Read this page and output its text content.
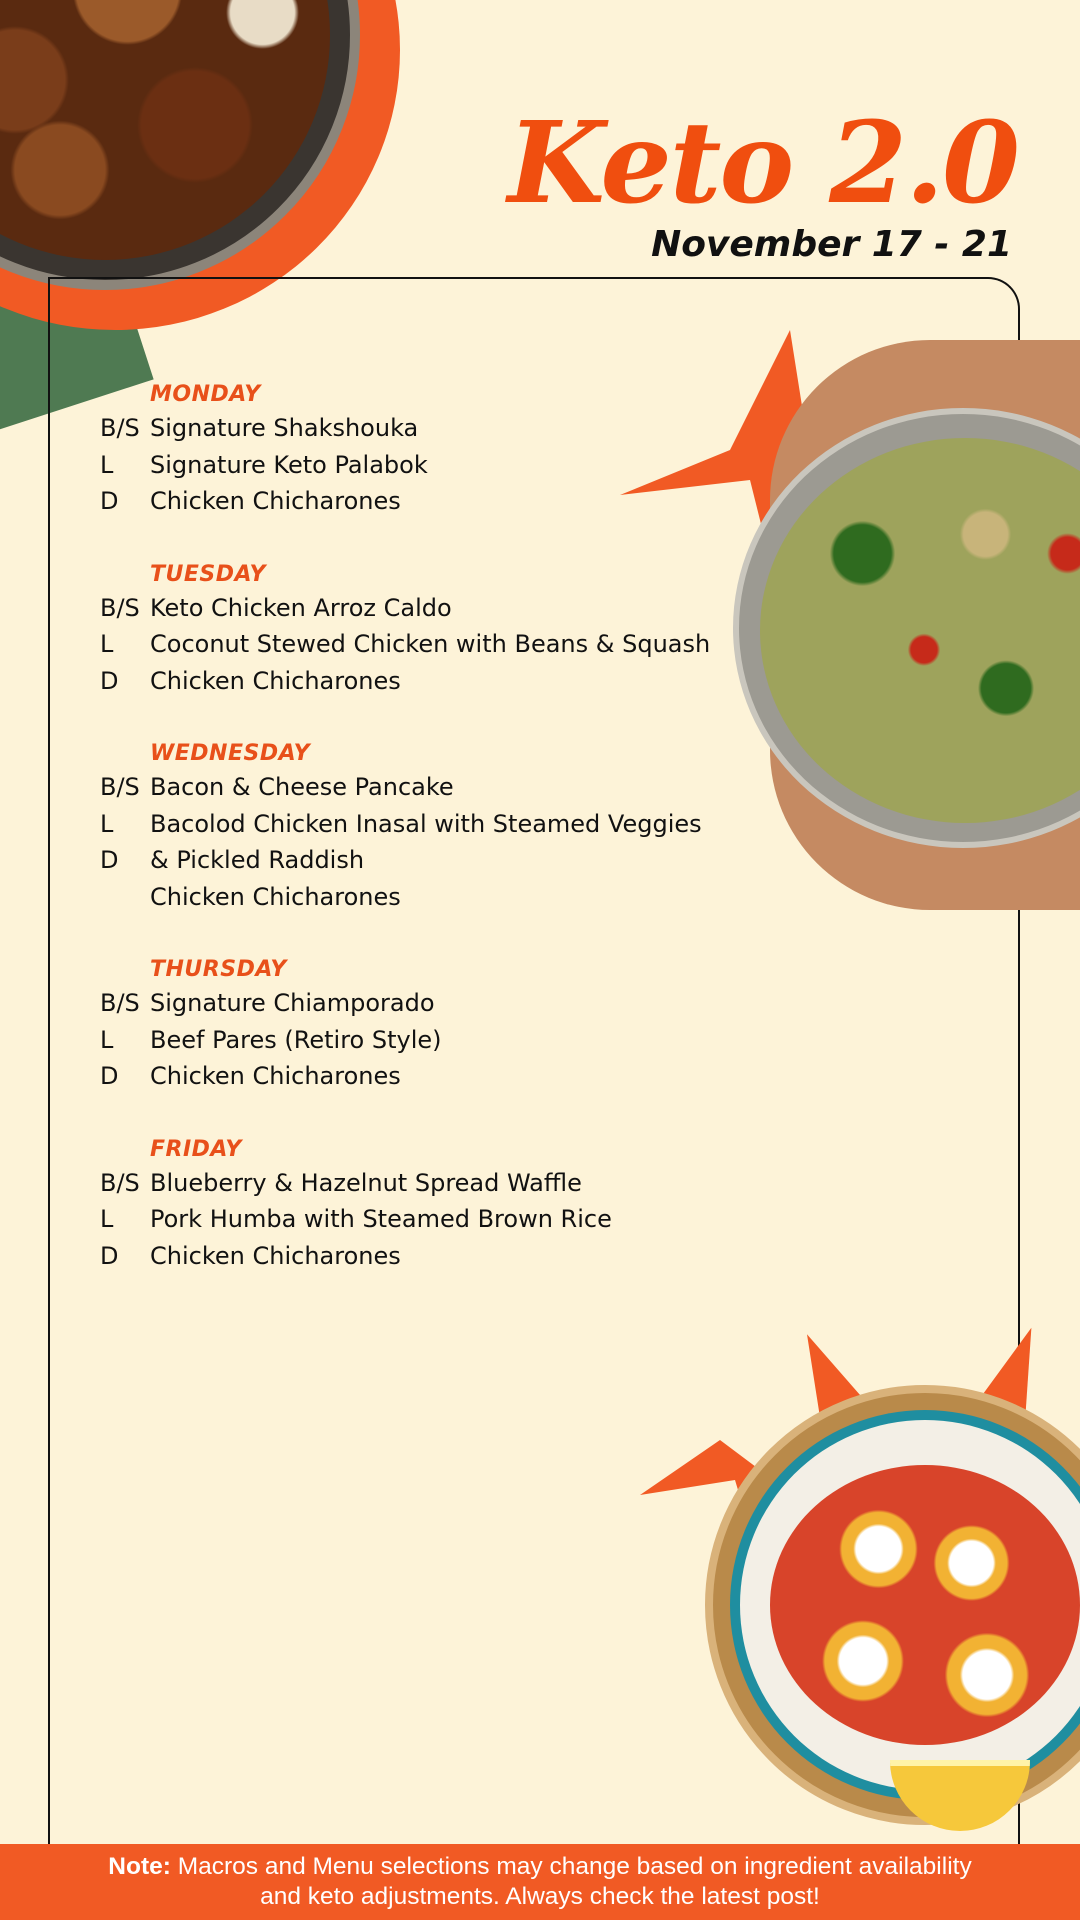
Keto 2.0
November 17 - 21
MONDAY
B/S Signature Shakshouka
L	Signature Keto Palabok
D	Chicken Chicharones
TUESDAY
B/S Keto Chicken Arroz Caldo
L	Coconut Stewed Chicken with Beans & Squash
D	Chicken Chicharones
WEDNESDAY
B/S Bacon & Cheese Pancake
L	Bacolod Chicken Inasal with Steamed Veggies
D	& Pickled Raddish
Chicken Chicharones
THURSDAY
B/S Signature Chiamporado
L	Beef Pares (Retiro Style)
D	Chicken Chicharones
FRIDAY
B/S Blueberry & Hazelnut Spread Waffle
L	Pork Humba with Steamed Brown Rice
D	Chicken Chicharones
Note: Macros and Menu selections may change based on ingredient availability
and keto adjustments. Always check the latest post!
